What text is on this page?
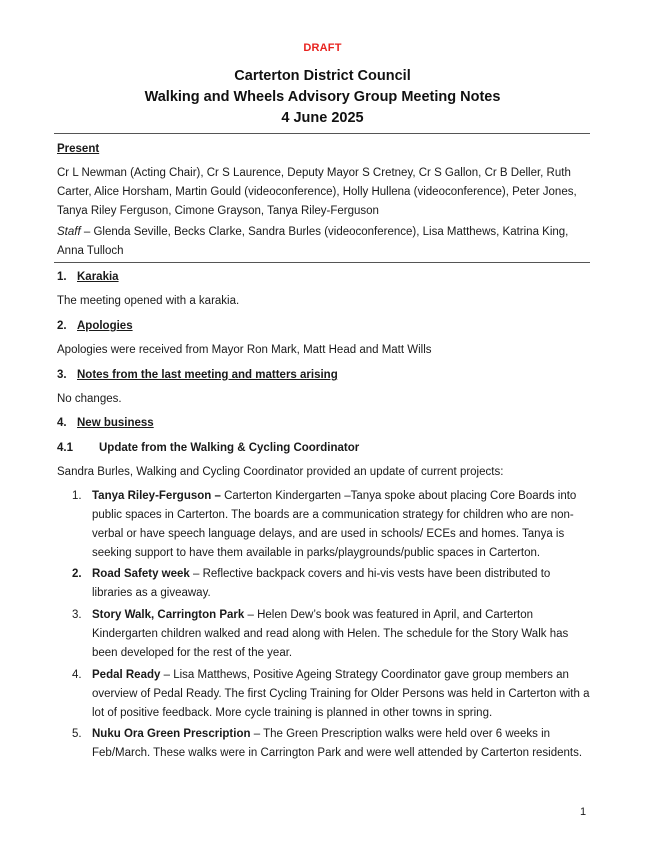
DRAFT
Carterton District Council
Walking and Wheels Advisory Group Meeting Notes
4 June 2025

Present

Cr L Newman (Acting Chair), Cr S Laurence, Deputy Mayor S Cretney, Cr S Gallon, Cr B Deller, Ruth Carter, Alice Horsham, Martin Gould (videoconference), Holly Hullena (videoconference), Peter Jones, Tanya Riley Ferguson, Cimone Grayson, Tanya Riley-Ferguson

Staff – Glenda Seville, Becks Clarke, Sandra Burles (videoconference), Lisa Matthews, Katrina King, Anna Tulloch

1. Karakia

The meeting opened with a karakia.

2. Apologies

Apologies were received from Mayor Ron Mark, Matt Head and Matt Wills

3. Notes from the last meeting and matters arising

No changes.

4. New business

4.1 Update from the Walking & Cycling Coordinator

Sandra Burles, Walking and Cycling Coordinator provided an update of current projects:

1. Tanya Riley-Ferguson – Carterton Kindergarten –Tanya spoke about placing Core Boards into public spaces in Carterton. The boards are a communication strategy for children who are non-verbal or have speech language delays, and are used in schools/ ECEs and homes. Tanya is seeking support to have them available in parks/playgrounds/public spaces in Carterton.
2. Road Safety week – Reflective backpack covers and hi-vis vests have been distributed to libraries as a giveaway.
3. Story Walk, Carrington Park – Helen Dew’s book was featured in April, and Carterton Kindergarten children walked and read along with Helen. The schedule for the Story Walk has been developed for the rest of the year.
4. Pedal Ready – Lisa Matthews, Positive Ageing Strategy Coordinator gave group members an overview of Pedal Ready. The first Cycling Training for Older Persons was held in Carterton with a lot of positive feedback. More cycle training is planned in other towns in spring.
5. Nuku Ora Green Prescription – The Green Prescription walks were held over 6 weeks in Feb/March. These walks were in Carrington Park and were well attended by Carterton residents.
1
